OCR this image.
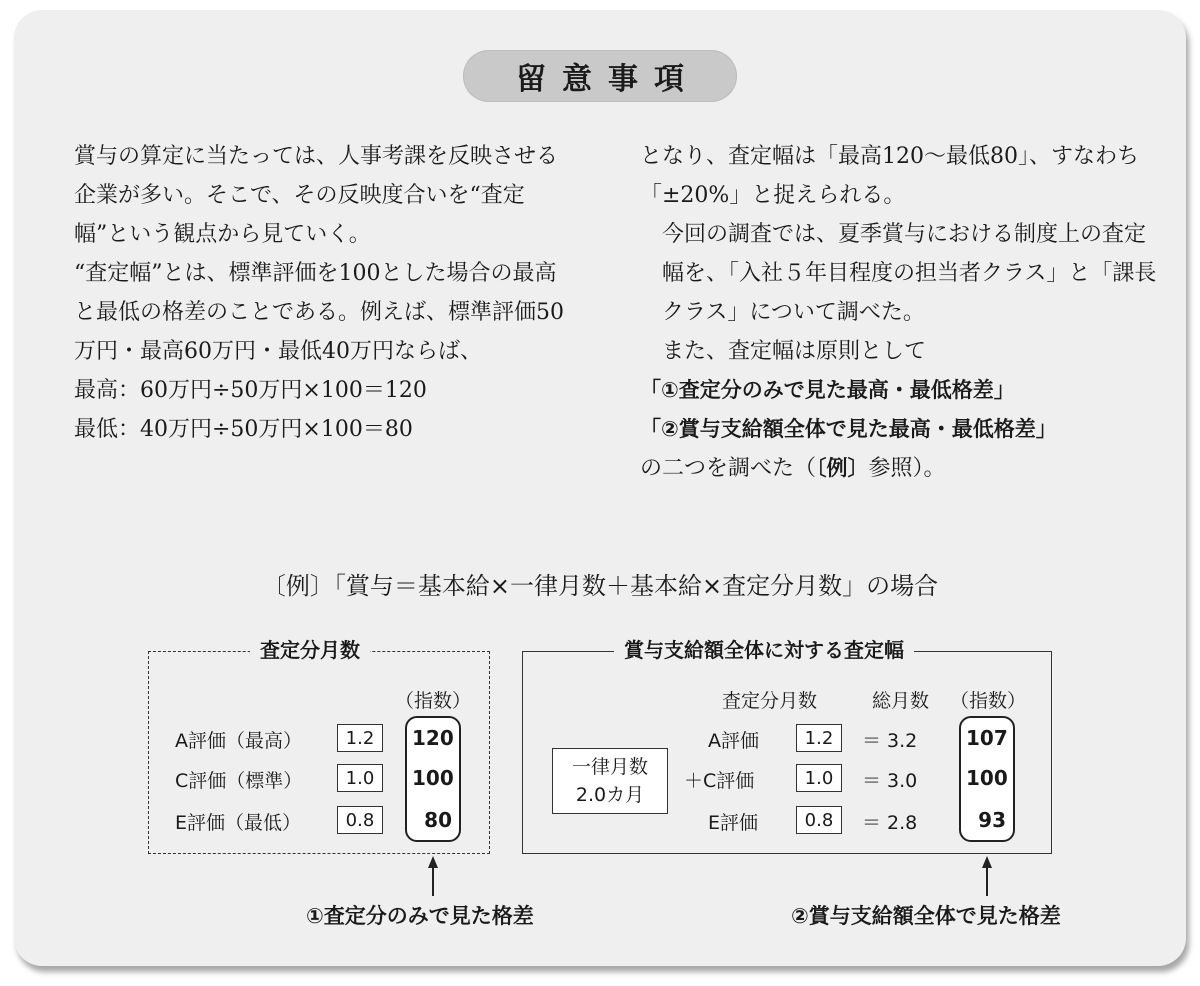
留意事項

賞与の算定に当たっては、人事考課を反映させる企業が多い。そこで、その反映度合いを“査定幅”という観点から見ていく。

“査定幅”とは、標準評価を100とした場合の最高と最低の格差のことである。例えば、標準評価50万円・最高60万円・最低40万円ならば、

最高：60万円÷50万円×100＝120

最低：40万円÷50万円×100＝80

となり、査定幅は「最高120〜最低80」、すなわち「±20%」と捉えられる。

今回の調査では、夏季賞与における制度上の査定幅を、「入社５年目程度の担当者クラス」と「課長クラス」について調べた。

また、査定幅は原則として

「①査定分のみで見た最高・最低格差」

「②賞与支給額全体で見た最高・最低格差」

の二つを調べた（〔例〕参照）。

〔例〕「賞与＝基本給×一律月数＋基本給×査定分月数」の場合
査定分月数
（指数）
A評価（最高）
C評価（標準）
E評価（最低）
1.2
1.0
0.8
120
100
80
賞与支給額全体に対する査定幅
査定分月数	総月数 （指数）
一律月数
2.0カ月
A評価
＋C評価
E評価
1.2
1.0
0.8
＝ 3.2
＝ 3.0
＝ 2.8
107
100
93
①査定分のみで見た格差	②賞与支給額全体で見た格差
